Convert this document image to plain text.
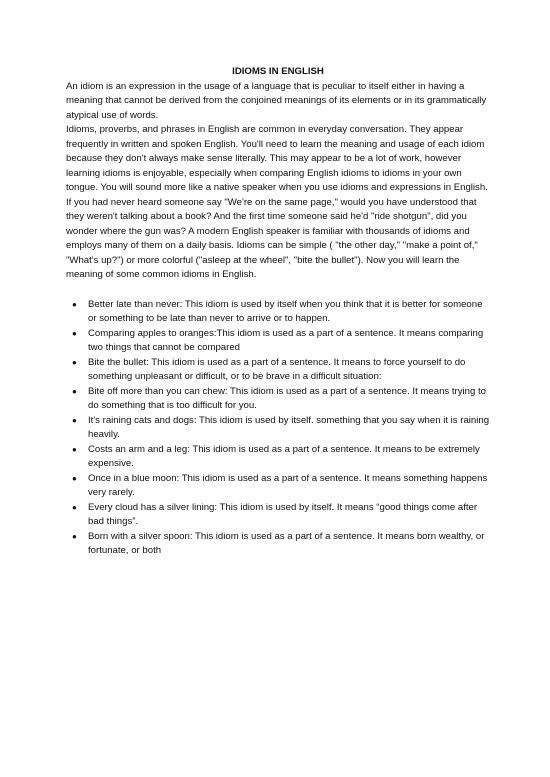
IDIOMS IN ENGLISH

An idiom is an expression in the usage of a language that is peculiar to itself either in having a meaning that cannot be derived from the conjoined meanings of its elements or in its grammatically atypical use of words.

Idioms, proverbs, and phrases in English are common in everyday conversation. They appear frequently in written and spoken English. You'll need to learn the meaning and usage of each idiom because they don't always make sense literally. This may appear to be a lot of work, however learning idioms is enjoyable, especially when comparing English idioms to idioms in your own tongue. You will sound more like a native speaker when you use idioms and expressions in English.

If you had never heard someone say "We're on the same page," would you have understood that they weren't talking about a book? And the first time someone said he'd "ride shotgun", did you wonder where the gun was? A modern English speaker is familiar with thousands of idioms and employs many of them on a daily basis. Idioms can be simple ( "the other day," "make a point of," "What's up?") or more colorful ("asleep at the wheel", "bite the bullet"). Now you will learn the meaning of some common idioms in English.

● Better late than never: This idiom is used by itself when you think that it is better for someone or something to be late than never to arrive or to happen.
● Comparing apples to oranges:This idiom is used as a part of a sentence. It means comparing two things that cannot be compared
● Bite the bullet: This idiom is used as a part of a sentence. It means to force yourself to do something unpleasant or difficult, or to be brave in a difficult situation:
● Bite off more than you can chew: This idiom is used as a part of a sentence. It means trying to do something that is too difficult for you.
● It's raining cats and dogs: This idiom is used by itself. something that you say when it is raining heavily.
● Costs an arm and a leg: This idiom is used as a part of a sentence. It means to be extremely expensive.
● Once in a blue moon: This idiom is used as a part of a sentence. It means something happens very rarely.
● Every cloud has a silver lining: This idiom is used by itself. It means “good things come after bad things”.
● Born with a silver spoon: This idiom is used as a part of a sentence. It means born wealthy, or fortunate, or both
